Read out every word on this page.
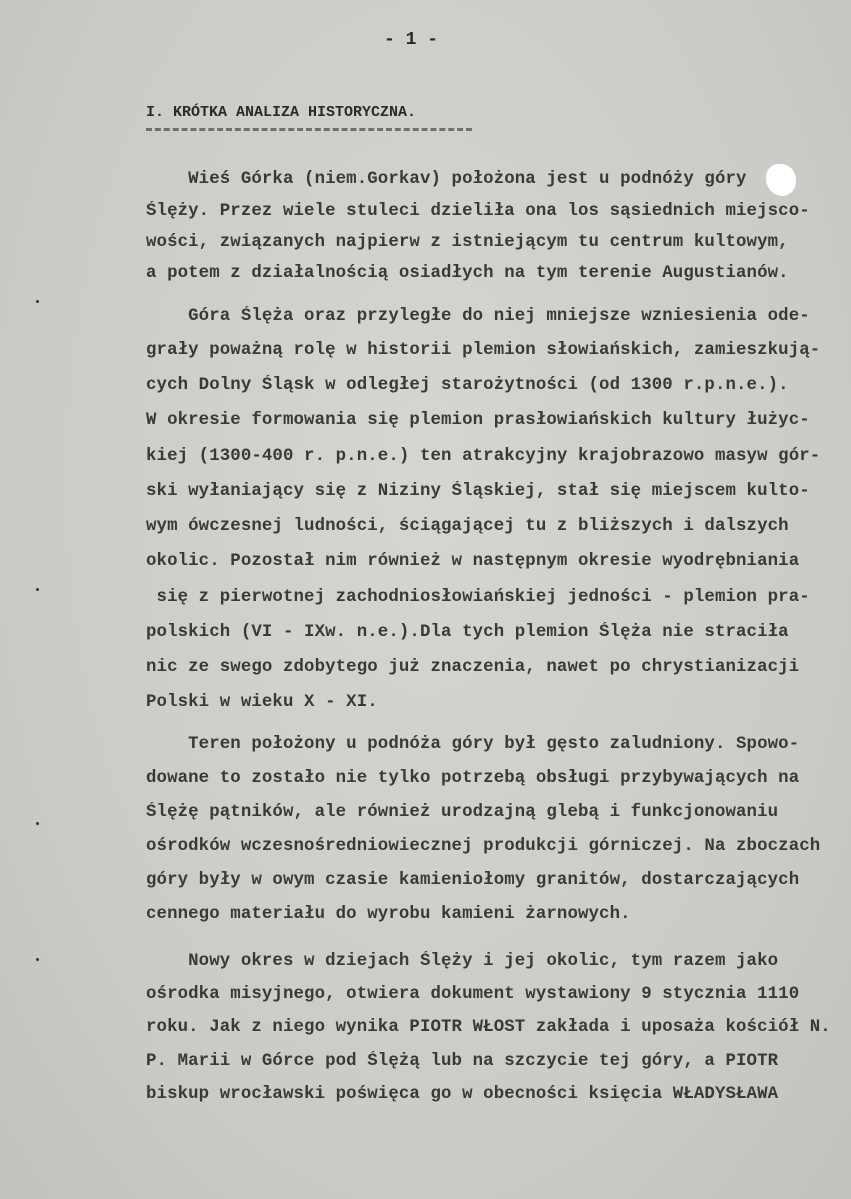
- 1 -
I. KRÓTKA ANALIZA HISTORYCZNA.
Wieś Górka (niem.Gorkav) położona jest u podnóży góry
Ślęży. Przez wiele stuleci dzieliła ona los sąsiednich miejsco-
wości, związanych najpierw z istniejącym tu centrum kultowym,
a potem z działalnością osiadłych na tym terenie Augustianów.
Góra Ślęża oraz przyległe do niej mniejsze wzniesienia ode-
grały poważną rolę w historii plemion słowiańskich, zamieszkują-
cych Dolny Śląsk w odległej starożytności (od 1300 r.p.n.e.).
W okresie formowania się plemion prasłowiańskich kultury łużyc-
kiej (1300-400 r. p.n.e.) ten atrakcyjny krajobrazowo masyw gór-
ski wyłaniający się z Niziny Śląskiej, stał się miejscem kulto-
wym ówczesnej ludności, ściągającej tu z bliższych i dalszych
okolic. Pozostał nim również w następnym okresie wyodrębniania
się z pierwotnej zachodniosłowiańskiej jedności - plemion pra-
polskich (VI - IXw. n.e.).Dla tych plemion Ślęża nie straciła
nic ze swego zdobytego już znaczenia, nawet po chrystianizacji
Polski w wieku X - XI.
Teren położony u podnóża góry był gęsto zaludniony. Spowo-
dowane to zostało nie tylko potrzebą obsługi przybywających na
Ślężę pątników, ale również urodzajną glebą i funkcjonowaniu
ośrodków wczesnośredniowiecznej produkcji górniczej. Na zboczach
góry były w owym czasie kamieniołomy granitów, dostarczających
cennego materiału do wyrobu kamieni żarnowych.
Nowy okres w dziejach Ślęży i jej okolic, tym razem jako
ośrodka misyjnego, otwiera dokument wystawiony 9 stycznia 1110
roku. Jak z niego wynika PIOTR WŁOST zakłada i uposaża kościół N.
P. Marii w Górce pod Ślężą lub na szczycie tej góry, a PIOTR
biskup wrocławski poświęca go w obecności księcia WŁADYSŁAWA
